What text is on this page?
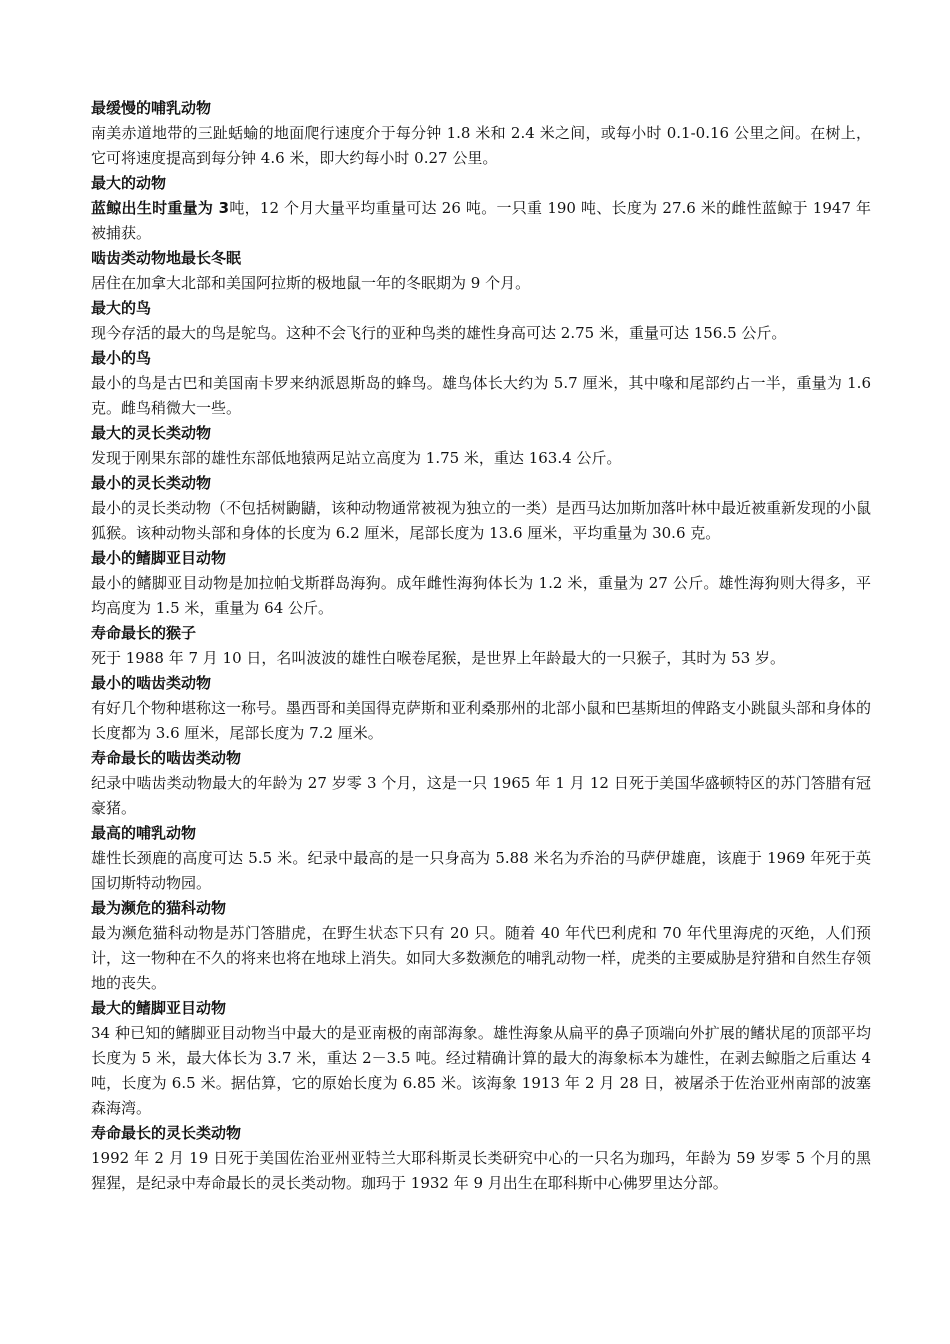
最缓慢的哺乳动物
南美赤道地带的三趾蛞蝓的地面爬行速度介于每分钟 1.8 米和 2.4 米之间，或每小时 0.1-0.16 公里之间。在树上，它可将速度提高到每分钟 4.6 米，即大约每小时 0.27 公里。
最大的动物
蓝鲸出生时重量为 3吨，12 个月大量平均重量可达 26 吨。一只重 190 吨、长度为 27.6 米的雌性蓝鲸于 1947 年被捕获。
啮齿类动物地最长冬眠
居住在加拿大北部和美国阿拉斯的极地鼠一年的冬眠期为 9 个月。
最大的鸟
现今存活的最大的鸟是鸵鸟。这种不会飞行的亚种鸟类的雄性身高可达 2.75 米，重量可达 156.5 公斤。
最小的鸟
最小的鸟是古巴和美国南卡罗来纳派恩斯岛的蜂鸟。雄鸟体长大约为 5.7 厘米，其中喙和尾部约占一半，重量为 1.6 克。雌鸟稍微大一些。
最大的灵长类动物
发现于刚果东部的雄性东部低地猿两足站立高度为 1.75 米，重达 163.4 公斤。
最小的灵长类动物
最小的灵长类动物（不包括树鼩鼱，该种动物通常被视为独立的一类）是西马达加斯加落叶林中最近被重新发现的小鼠狐猴。该种动物头部和身体的长度为 6.2 厘米，尾部长度为 13.6 厘米，平均重量为 30.6 克。
最小的鳍脚亚目动物
最小的鳍脚亚目动物是加拉帕戈斯群岛海狗。成年雌性海狗体长为 1.2 米，重量为 27 公斤。雄性海狗则大得多，平均高度为 1.5 米，重量为 64 公斤。
寿命最长的猴子
死于 1988 年 7 月 10 日，名叫波波的雄性白喉卷尾猴，是世界上年龄最大的一只猴子，其时为 53 岁。
最小的啮齿类动物
有好几个物种堪称这一称号。墨西哥和美国得克萨斯和亚利桑那州的北部小鼠和巴基斯坦的俾路支小跳鼠头部和身体的长度都为 3.6 厘米，尾部长度为 7.2 厘米。
寿命最长的啮齿类动物
纪录中啮齿类动物最大的年龄为 27 岁零 3 个月，这是一只 1965 年 1 月 12 日死于美国华盛顿特区的苏门答腊有冠豪猪。
最高的哺乳动物
雄性长颈鹿的高度可达 5.5 米。纪录中最高的是一只身高为 5.88 米名为乔治的马萨伊雄鹿，该鹿于 1969 年死于英国切斯特动物园。
最为濒危的猫科动物
最为濒危猫科动物是苏门答腊虎，在野生状态下只有 20 只。随着 40 年代巴利虎和 70 年代里海虎的灭绝，人们预计，这一物种在不久的将来也将在地球上消失。如同大多数濒危的哺乳动物一样，虎类的主要威胁是狩猎和自然生存领地的丧失。
最大的鳍脚亚目动物
34 种已知的鳍脚亚目动物当中最大的是亚南极的南部海象。雄性海象从扁平的鼻子顶端向外扩展的鳍状尾的顶部平均长度为 5 米，最大体长为 3.7 米，重达 2－3.5 吨。经过精确计算的最大的海象标本为雄性，在剥去鲸脂之后重达 4 吨，长度为 6.5 米。据估算，它的原始长度为 6.85 米。该海象 1913 年 2 月 28 日，被屠杀于佐治亚州南部的波塞森海湾。
寿命最长的灵长类动物
1992 年 2 月 19 日死于美国佐治亚州亚特兰大耶科斯灵长类研究中心的一只名为珈玛，年龄为 59 岁零 5 个月的黑猩猩，是纪录中寿命最长的灵长类动物。珈玛于 1932 年 9 月出生在耶科斯中心佛罗里达分部。
